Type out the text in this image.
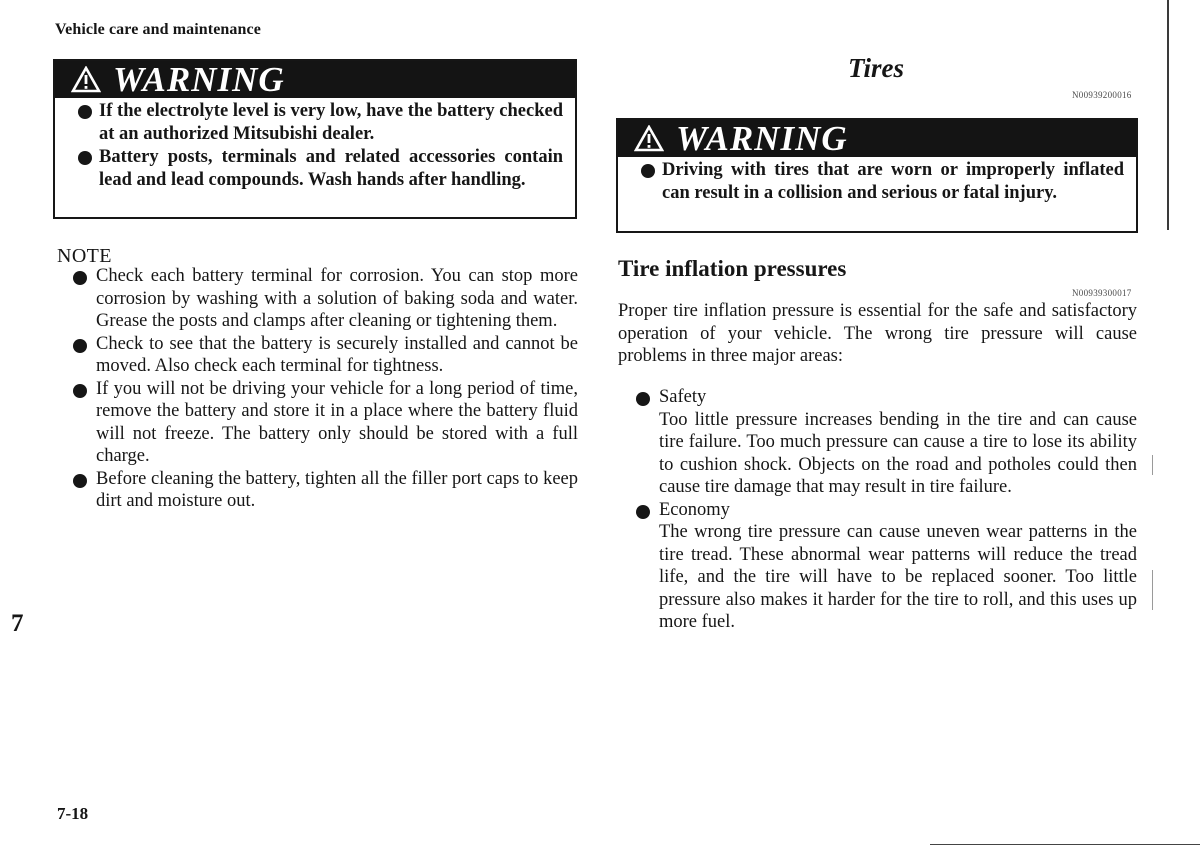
Vehicle care and maintenance
7
7-18
WARNING
If the electrolyte level is very low, have the battery checked at an authorized Mitsubishi dealer.
Battery posts, terminals and related accessories contain lead and lead compounds. Wash hands after handling.
NOTE
Check each battery terminal for corrosion. You can stop more corrosion by washing with a solution of baking soda and water. Grease the posts and clamps after cleaning or tightening them.
Check to see that the battery is securely installed and cannot be moved. Also check each terminal for tightness.
If you will not be driving your vehicle for a long period of time, remove the battery and store it in a place where the battery fluid will not freeze. The battery only should be stored with a full charge.
Before cleaning the battery, tighten all the filler port caps to keep dirt and moisture out.
Tires
N00939200016
WARNING
Driving with tires that are worn or improperly inflated can result in a collision and serious or fatal injury.
Tire inflation pressures
N00939300017

Proper tire inflation pressure is essential for the safe and satisfactory operation of your vehicle. The wrong tire pressure will cause problems in three major areas:

Safety

Too little pressure increases bending in the tire and can cause tire failure. Too much pressure can cause a tire to lose its ability to cushion shock. Objects on the road and potholes could then cause tire damage that may result in tire failure.

Economy

The wrong tire pressure can cause uneven wear patterns in the tire tread. These abnormal wear patterns will reduce the tread life, and the tire will have to be replaced sooner. Too little pressure also makes it harder for the tire to roll, and this uses up more fuel.
